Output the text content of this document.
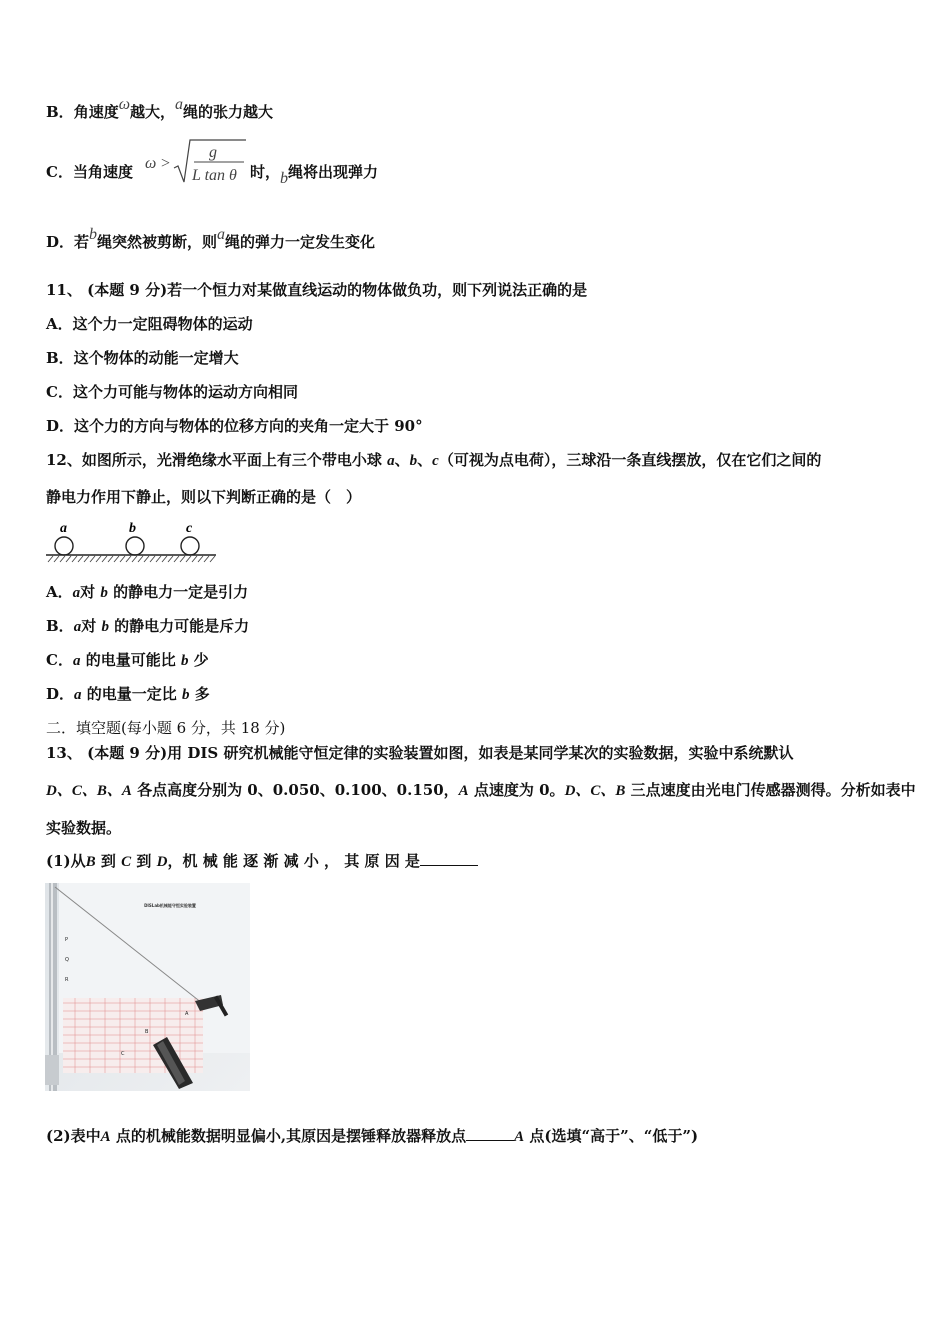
B．角速度ω越大，a绳的张力越大
C．当角速度 ω >
g
L tan θ 时，b绳将出现弹力
D．若b绳突然被剪断，则a绳的弹力一定发生变化
11、 (本题 9 分)若一个恒力对某做直线运动的物体做负功，则下列说法正确的是
A．这个力一定阻碍物体的运动
B．这个物体的动能一定增大
C．这个力可能与物体的运动方向相同
D．这个力的方向与物体的位移方向的夹角一定大于 90°
12、如图所示，光滑绝缘水平面上有三个带电小球 a、b、c（可视为点电荷），三球沿一条直线摆放，仅在它们之间的
静电力作用下静止，则以下判断正确的是（　）
a	b	c
A．a对 b 的静电力一定是引力
B．a对 b 的静电力可能是斥力
C．a 的电量可能比 b 少
D．a 的电量一定比 b 多
二．填空题(每小题 6 分，共 18 分)
13、 (本题 9 分)用 DIS 研究机械能守恒定律的实验装置如图，如表是某同学某次的实验数据，实验中系统默认
D、C、B、A 各点高度分别为 0、0.050、0.100、0.150，A 点速度为 0。D、C、B 三点速度由光电门传感器测得。分析如表中
实验数据。
(1)从B 到 C 到 D，机 械 能 逐 渐 减 小 ， 其 原 因 是
DISLab机械能守恒实验装置
P
Q
R
A
B
C
(2)表中A 点的机械能数据明显偏小,其原因是摆锤释放器释放点	A 点(选填“高于”、“低于”)
